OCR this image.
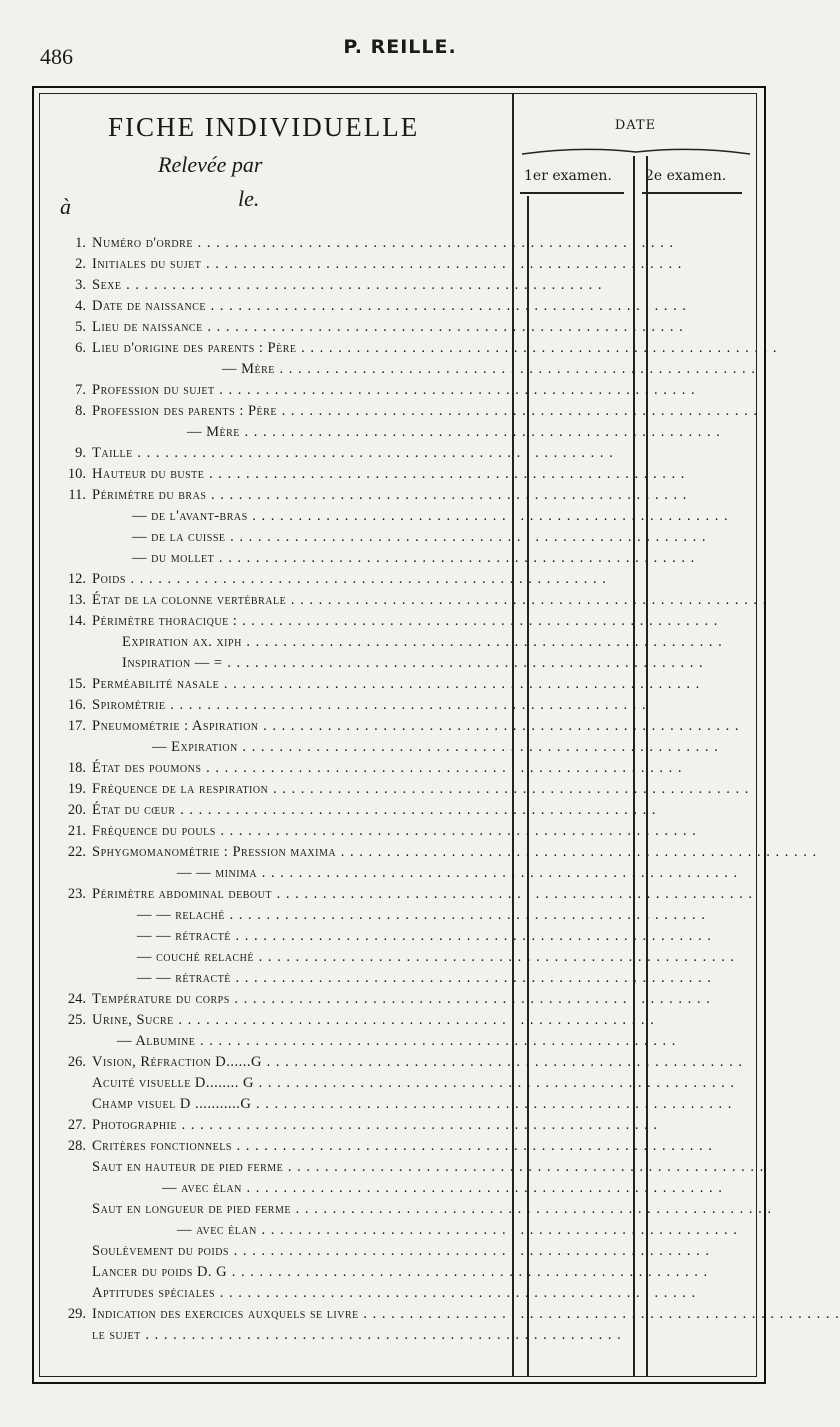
486	P. REILLE.
DATE
1er examen. 2e examen.
FICHE INDIVIDUELLE
Relevée par
à	le.
1. Numéro d'ordre . . . . . . . . . . . . . . . . . . . . . . . . . . . . . . . . . . . . . . . . . . . . . . . . . . . .
2. Initiales du sujet . . . . . . . . . . . . . . . . . . . . . . . . . . . . . . . . . . . . . . . . . . . . . . . . . . . .
3. Sexe . . . . . . . . . . . . . . . . . . . . . . . . . . . . . . . . . . . . . . . . . . . . . . . . . . . .
4. Date de naissance . . . . . . . . . . . . . . . . . . . . . . . . . . . . . . . . . . . . . . . . . . . . . . . . . . . .
5. Lieu de naissance . . . . . . . . . . . . . . . . . . . . . . . . . . . . . . . . . . . . . . . . . . . . . . . . . . . .
6. Lieu d'origine des parents : Père . . . . . . . . . . . . . . . . . . . . . . . . . . . . . . . . . . . . . . . . . . . . . . . . . . . .
— Mère . . . . . . . . . . . . . . . . . . . . . . . . . . . . . . . . . . . . . . . . . . . . . . . . . . . .
7. Profession du sujet . . . . . . . . . . . . . . . . . . . . . . . . . . . . . . . . . . . . . . . . . . . . . . . . . . . .
8. Profession des parents : Père . . . . . . . . . . . . . . . . . . . . . . . . . . . . . . . . . . . . . . . . . . . . . . . . . . . .
— Mère . . . . . . . . . . . . . . . . . . . . . . . . . . . . . . . . . . . . . . . . . . . . . . . . . . . .
9. Taille . . . . . . . . . . . . . . . . . . . . . . . . . . . . . . . . . . . . . . . . . . . . . . . . . . . .
10. Hauteur du buste . . . . . . . . . . . . . . . . . . . . . . . . . . . . . . . . . . . . . . . . . . . . . . . . . . . .
11. Périmètre du bras . . . . . . . . . . . . . . . . . . . . . . . . . . . . . . . . . . . . . . . . . . . . . . . . . . . .
— de l'avant-bras . . . . . . . . . . . . . . . . . . . . . . . . . . . . . . . . . . . . . . . . . . . . . . . . . . . .
— de la cuisse . . . . . . . . . . . . . . . . . . . . . . . . . . . . . . . . . . . . . . . . . . . . . . . . . . . .
— du mollet . . . . . . . . . . . . . . . . . . . . . . . . . . . . . . . . . . . . . . . . . . . . . . . . . . . .
12. Poids . . . . . . . . . . . . . . . . . . . . . . . . . . . . . . . . . . . . . . . . . . . . . . . . . . . .
13. État de la colonne vertébrale . . . . . . . . . . . . . . . . . . . . . . . . . . . . . . . . . . . . . . . . . . . . . . . . . . . .
14. Périmètre thoracique : . . . . . . . . . . . . . . . . . . . . . . . . . . . . . . . . . . . . . . . . . . . . . . . . . . . .
Expiration ax. xiph . . . . . . . . . . . . . . . . . . . . . . . . . . . . . . . . . . . . . . . . . . . . . . . . . . . .
Inspiration — = . . . . . . . . . . . . . . . . . . . . . . . . . . . . . . . . . . . . . . . . . . . . . . . . . . . .
15. Perméabilité nasale . . . . . . . . . . . . . . . . . . . . . . . . . . . . . . . . . . . . . . . . . . . . . . . . . . . .
16. Spirométrie . . . . . . . . . . . . . . . . . . . . . . . . . . . . . . . . . . . . . . . . . . . . . . . . . . . .
17. Pneumométrie : Aspiration . . . . . . . . . . . . . . . . . . . . . . . . . . . . . . . . . . . . . . . . . . . . . . . . . . . .
— Expiration . . . . . . . . . . . . . . . . . . . . . . . . . . . . . . . . . . . . . . . . . . . . . . . . . . . .
18. État des poumons . . . . . . . . . . . . . . . . . . . . . . . . . . . . . . . . . . . . . . . . . . . . . . . . . . . .
19. Fréquence de la respiration . . . . . . . . . . . . . . . . . . . . . . . . . . . . . . . . . . . . . . . . . . . . . . . . . . . .
20. État du cœur . . . . . . . . . . . . . . . . . . . . . . . . . . . . . . . . . . . . . . . . . . . . . . . . . . . .
21. Fréquence du pouls . . . . . . . . . . . . . . . . . . . . . . . . . . . . . . . . . . . . . . . . . . . . . . . . . . . .
22. Sphygmomanométrie : Pression maxima . . . . . . . . . . . . . . . . . . . . . . . . . . . . . . . . . . . . . . . . . . . . . . . . . . . .
— — minima . . . . . . . . . . . . . . . . . . . . . . . . . . . . . . . . . . . . . . . . . . . . . . . . . . . .
23. Périmètre abdominal debout . . . . . . . . . . . . . . . . . . . . . . . . . . . . . . . . . . . . . . . . . . . . . . . . . . . .
— — relaché . . . . . . . . . . . . . . . . . . . . . . . . . . . . . . . . . . . . . . . . . . . . . . . . . . . .
— — rétracté . . . . . . . . . . . . . . . . . . . . . . . . . . . . . . . . . . . . . . . . . . . . . . . . . . . .
— couché relaché . . . . . . . . . . . . . . . . . . . . . . . . . . . . . . . . . . . . . . . . . . . . . . . . . . . .
— — rétracté . . . . . . . . . . . . . . . . . . . . . . . . . . . . . . . . . . . . . . . . . . . . . . . . . . . .
24. Température du corps . . . . . . . . . . . . . . . . . . . . . . . . . . . . . . . . . . . . . . . . . . . . . . . . . . . .
25. Urine, Sucre . . . . . . . . . . . . . . . . . . . . . . . . . . . . . . . . . . . . . . . . . . . . . . . . . . . .
— Albumine . . . . . . . . . . . . . . . . . . . . . . . . . . . . . . . . . . . . . . . . . . . . . . . . . . . .
26. Vision, Réfraction D......G . . . . . . . . . . . . . . . . . . . . . . . . . . . . . . . . . . . . . . . . . . . . . . . . . . . .
Acuité visuelle D........ G . . . . . . . . . . . . . . . . . . . . . . . . . . . . . . . . . . . . . . . . . . . . . . . . . . . .
Champ visuel D ...........G . . . . . . . . . . . . . . . . . . . . . . . . . . . . . . . . . . . . . . . . . . . . . . . . . . . .
27. Photographie . . . . . . . . . . . . . . . . . . . . . . . . . . . . . . . . . . . . . . . . . . . . . . . . . . . .
28. Critères fonctionnels . . . . . . . . . . . . . . . . . . . . . . . . . . . . . . . . . . . . . . . . . . . . . . . . . . . .
Saut en hauteur de pied ferme . . . . . . . . . . . . . . . . . . . . . . . . . . . . . . . . . . . . . . . . . . . . . . . . . . . .
— avec élan . . . . . . . . . . . . . . . . . . . . . . . . . . . . . . . . . . . . . . . . . . . . . . . . . . . .
Saut en longueur de pied ferme . . . . . . . . . . . . . . . . . . . . . . . . . . . . . . . . . . . . . . . . . . . . . . . . . . . .
— avec élan . . . . . . . . . . . . . . . . . . . . . . . . . . . . . . . . . . . . . . . . . . . . . . . . . . . .
Soulèvement du poids . . . . . . . . . . . . . . . . . . . . . . . . . . . . . . . . . . . . . . . . . . . . . . . . . . . .
Lancer du poids D. G . . . . . . . . . . . . . . . . . . . . . . . . . . . . . . . . . . . . . . . . . . . . . . . . . . . .
Aptitudes spéciales . . . . . . . . . . . . . . . . . . . . . . . . . . . . . . . . . . . . . . . . . . . . . . . . . . . .
29. Indication des exercices auxquels se livre . . . . . . . . . . . . . . . . . . . . . . . . . . . . . . . . . . . . . . . . . . . . . . . . . . . .
le sujet . . . . . . . . . . . . . . . . . . . . . . . . . . . . . . . . . . . . . . . . . . . . . . . . . . . .
